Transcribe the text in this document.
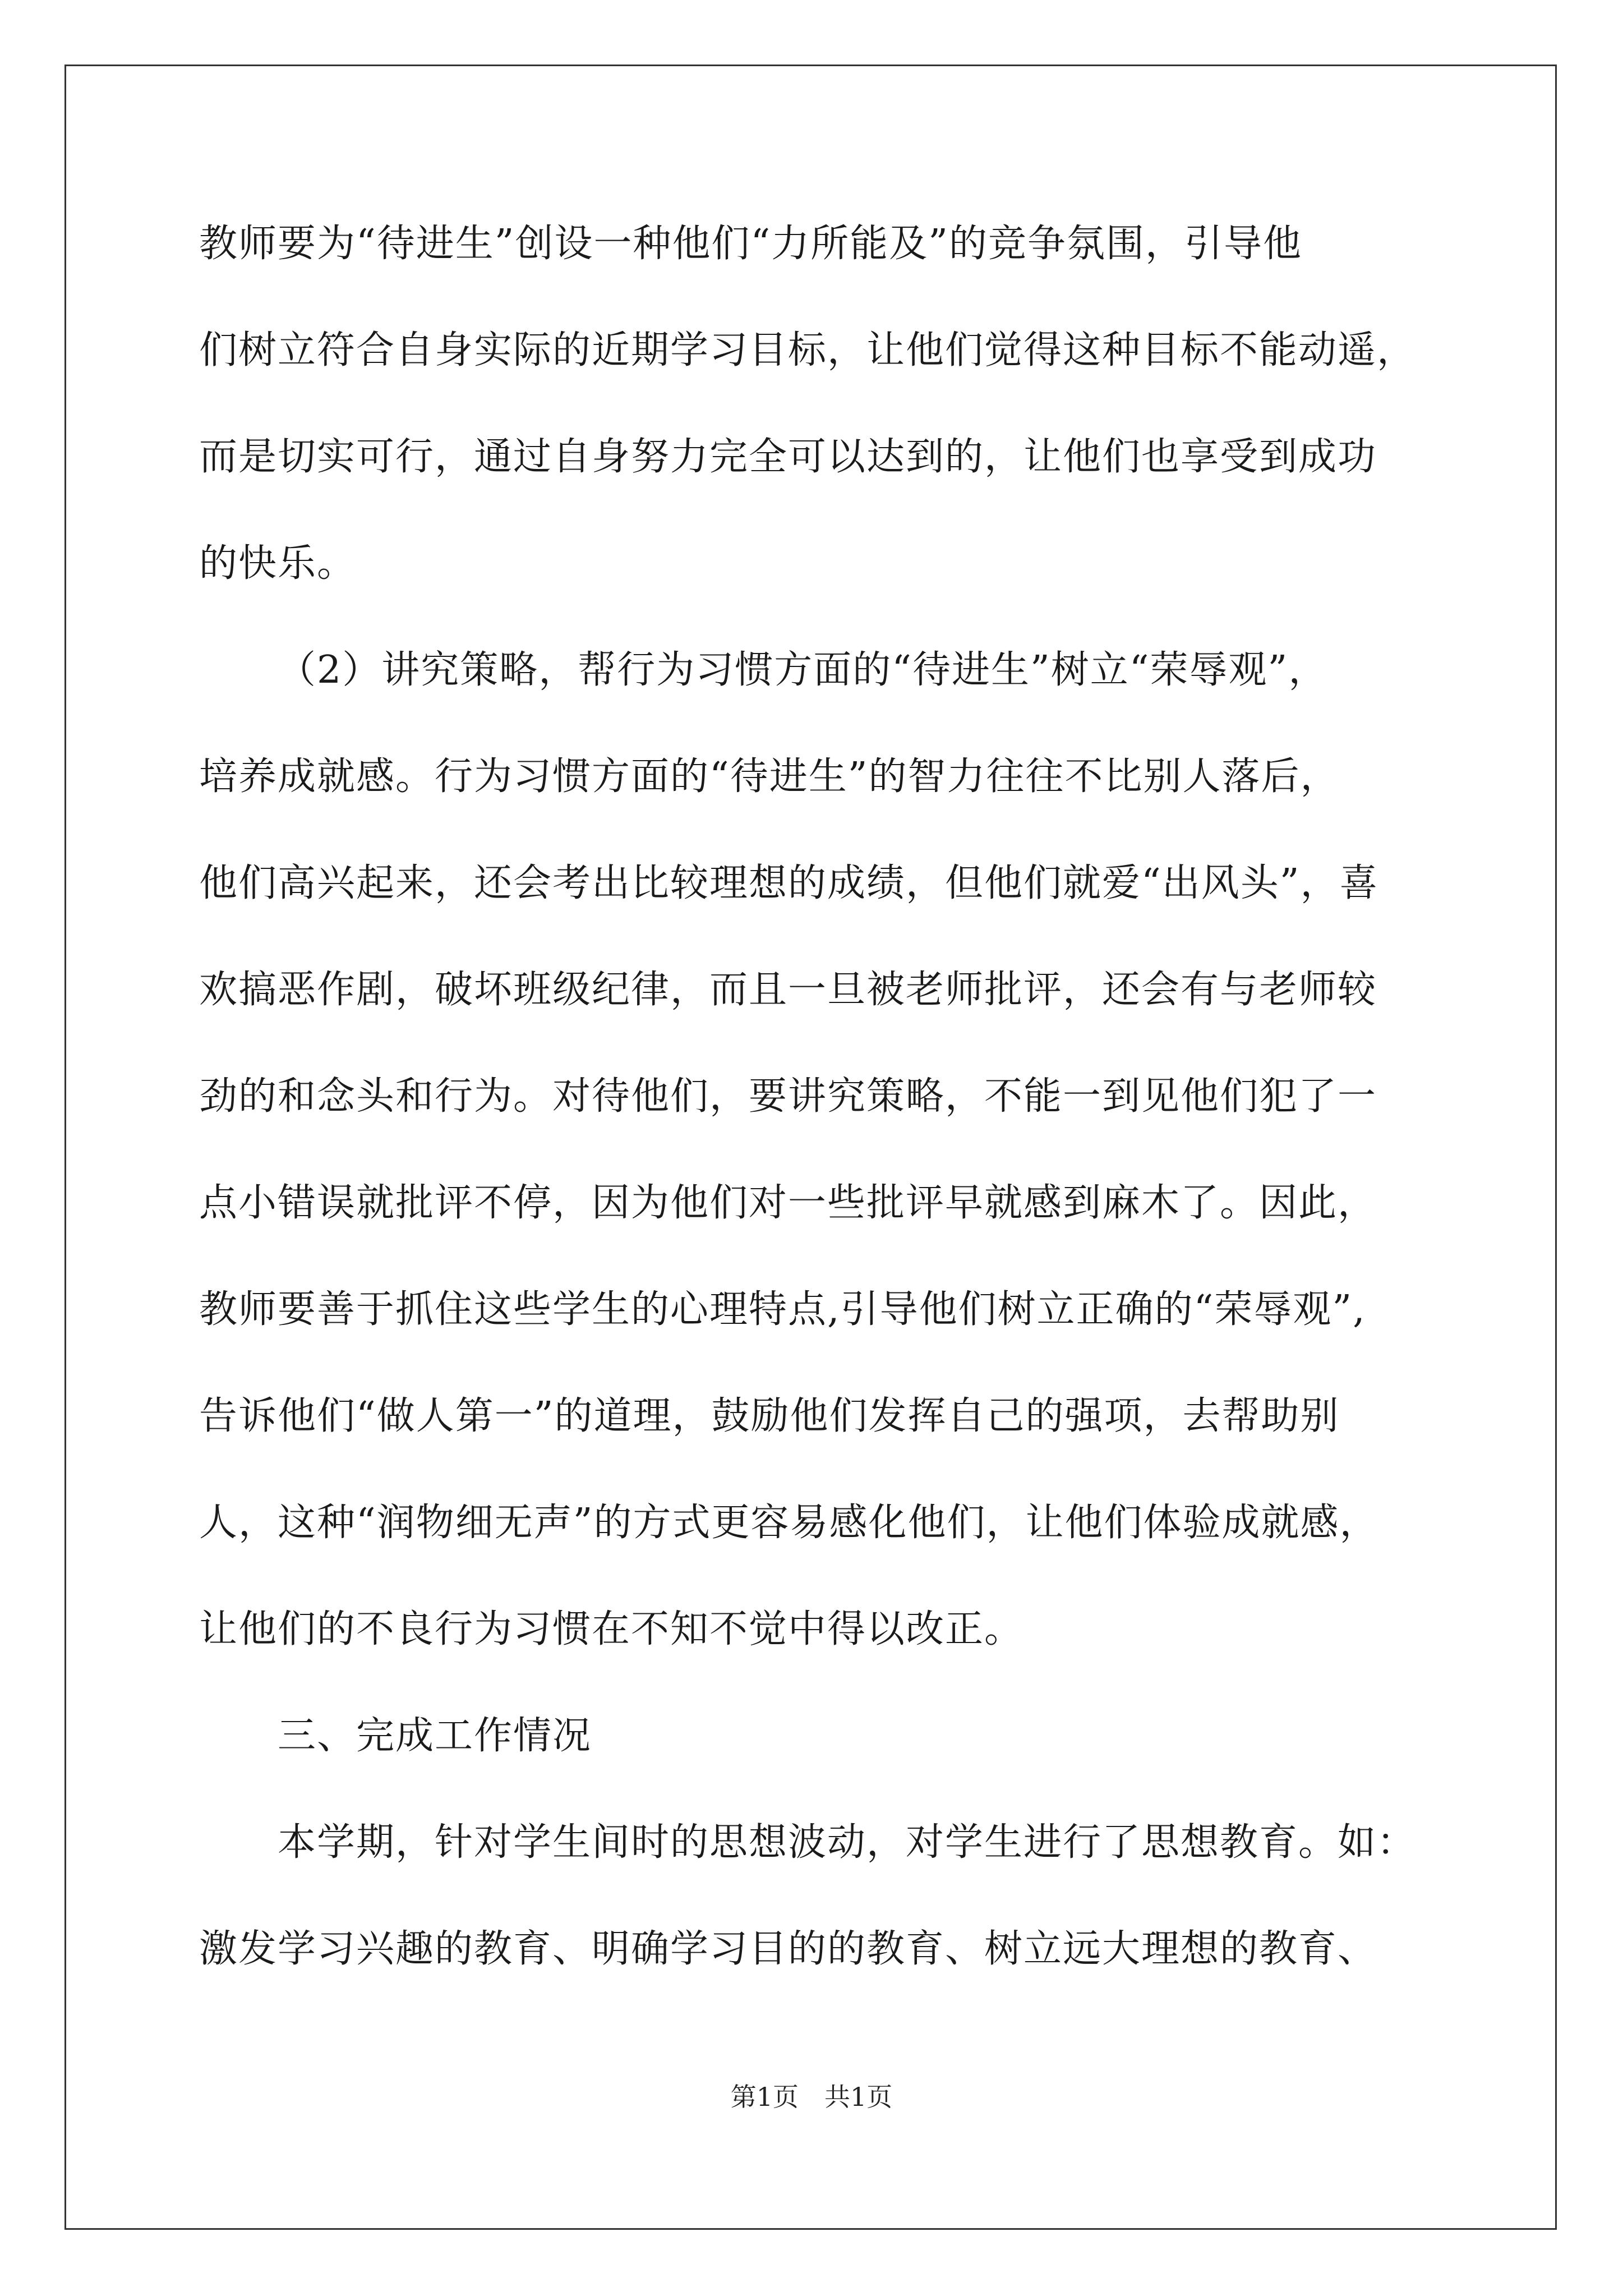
教师要为“待进生”创设一种他们“力所能及”的竞争氛围，引导他
们树立符合自身实际的近期学习目标，让他们觉得这种目标不能动遥，
而是切实可行，通过自身努力完全可以达到的，让他们也享受到成功
的快乐。
（2）讲究策略，帮行为习惯方面的“待进生”树立“荣辱观”，
培养成就感。行为习惯方面的“待进生”的智力往往不比别人落后，
他们高兴起来，还会考出比较理想的成绩，但他们就爱“出风头”，喜
欢搞恶作剧，破坏班级纪律，而且一旦被老师批评，还会有与老师较
劲的和念头和行为。对待他们，要讲究策略，不能一到见他们犯了一
点小错误就批评不停，因为他们对一些批评早就感到麻木了。因此，
教师要善于抓住这些学生的心理特点,引导他们树立正确的“荣辱观”,
告诉他们“做人第一”的道理，鼓励他们发挥自己的强项，去帮助别
人，这种“润物细无声”的方式更容易感化他们，让他们体验成就感，
让他们的不良行为习惯在不知不觉中得以改正。
三、完成工作情况
本学期，针对学生间时的思想波动，对学生进行了思想教育。如：
激发学习兴趣的教育、明确学习目的的教育、树立远大理想的教育、
第1页　共1页
